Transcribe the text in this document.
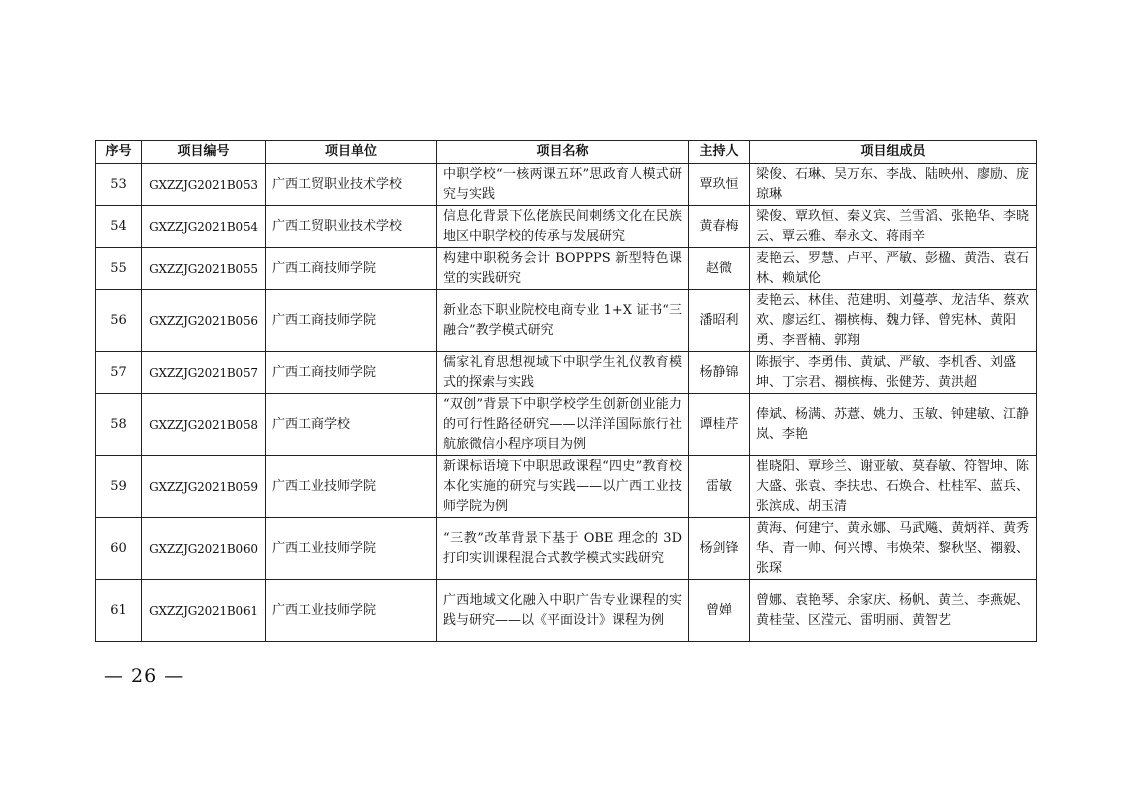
序号	项目编号	项目单位	项目名称	主持人	项目组成员
53	GXZZJG2021B053	广西工贸职业技术学校	中职学校“一核两课五环”思政育人模式研究与实践	覃玖恒	梁俊、石琳、吴万东、李战、陆映州、廖励、庞琼琳
54	GXZZJG2021B054	广西工贸职业技术学校	信息化背景下仫佬族民间刺绣文化在民族地区中职学校的传承与发展研究	黄春梅	梁俊、覃玖恒、秦义宾、兰雪滔、张艳华、李晓云、覃云雅、奉永文、蒋雨辛
55	GXZZJG2021B055	广西工商技师学院	构建中职税务会计 BOPPPS 新型特色课堂的实践研究	赵微	麦艳云、罗慧、卢平、严敏、彭楹、黄浩、袁石林、赖斌伦
56	GXZZJG2021B056	广西工商技师学院	新业态下职业院校电商专业 1+X 证书“三融合”教学模式研究	潘昭利	麦艳云、林佳、范建明、刘蔓葶、龙洁华、蔡欢欢、廖运红、禤槟梅、魏力铎、曾宪林、黄阳勇、李晋楠、郭翔
57	GXZZJG2021B057	广西工商技师学院	儒家礼育思想视域下中职学生礼仪教育模式的探索与实践	杨静锦	陈振宇、李勇伟、黄斌、严敏、李机香、刘盛坤、丁宗君、禤槟梅、张健芳、黄洪超
58	GXZZJG2021B058	广西工商学校	“双创”背景下中职学校学生创新创业能力的可行性路径研究——以洋洋国际旅行社航旅微信小程序项目为例	谭桂芹	俸斌、杨满、苏薏、姚力、玉敏、钟建敏、江静岚、李艳
59	GXZZJG2021B059	广西工业技师学院	新课标语境下中职思政课程“四史”教育校本化实施的研究与实践——以广西工业技师学院为例	雷敏	崔晓阳、覃珍兰、谢亚敏、莫春敏、符智坤、陈大盛、张袁、李扶忠、石焕合、杜桂军、蓝兵、张滨成、胡玉清
60	GXZZJG2021B060	广西工业技师学院	“三教”改革背景下基于 OBE 理念的 3D 打印实训课程混合式教学模式实践研究	杨剑锋	黄海、何建宁、黄永娜、马武飚、黄炳祥、黄秀华、青一帅、何兴博、韦焕荣、黎秋坚、禤毅、张琛
61	GXZZJG2021B061	广西工业技师学院	广西地域文化融入中职广告专业课程的实践与研究——以《平面设计》课程为例	曾婵	曾娜、袁艳琴、余家庆、杨帆、黄兰、李燕妮、黄桂莹、区滢元、雷明丽、黄智艺
— 26 —
